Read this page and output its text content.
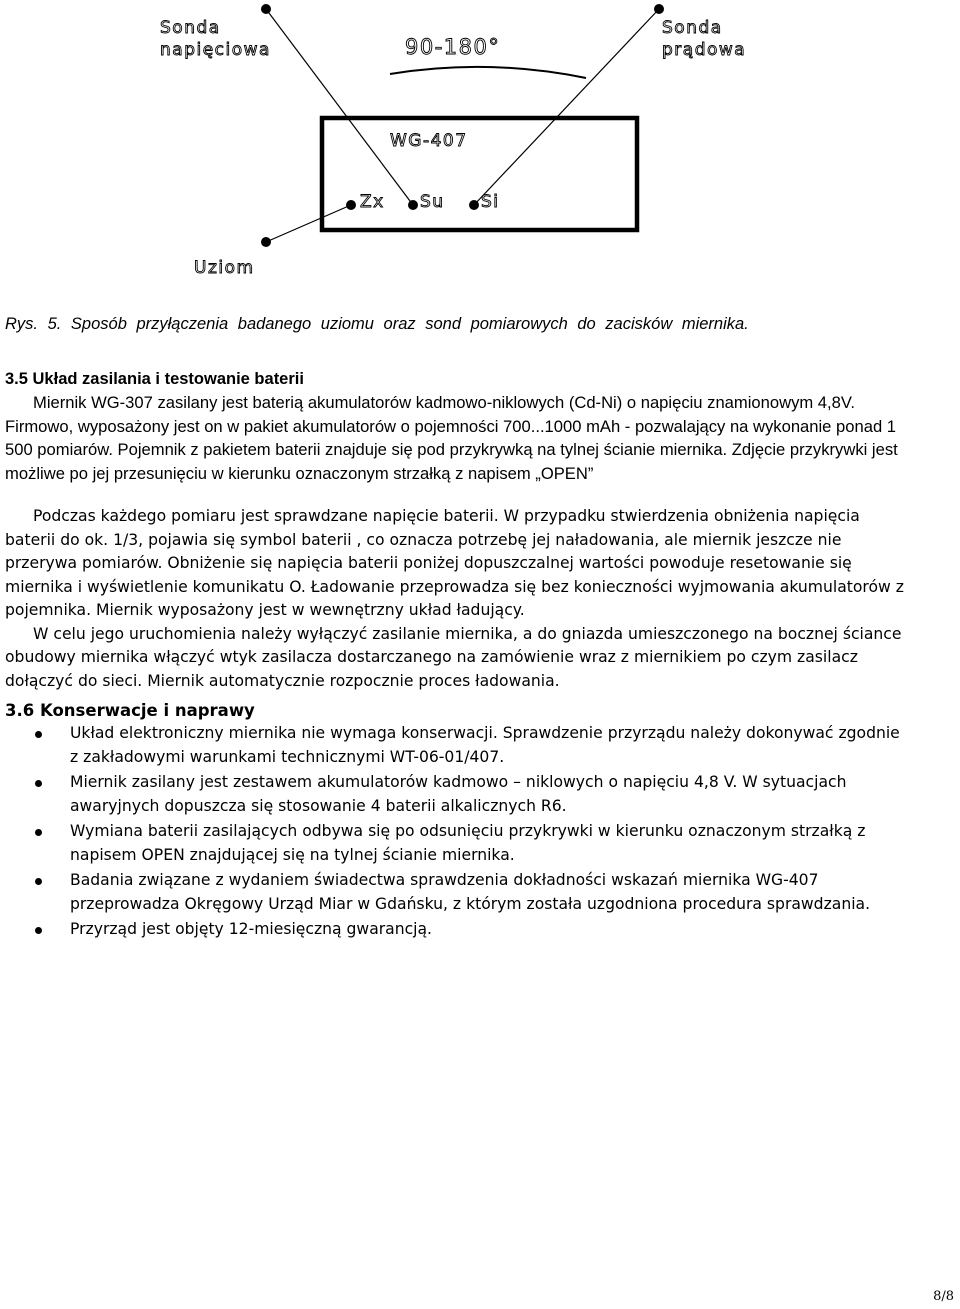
Sonda
napięciowa	90-180°
Sonda
prądowa
WG-407
Zx Su Si
Uziom

Rys. 5. Sposób przyłączenia badanego uziomu oraz sond pomiarowych do zacisków miernika.

3.5 Układ zasilania i testowanie baterii

Miernik WG-307 zasilany jest baterią akumulatorów kadmowo-niklowych (Cd-Ni) o napięciu znamionowym 4,8V. Firmowo, wyposażony jest on w pakiet akumulatorów o pojemności 700...1000 mAh - pozwalający na wykonanie ponad 1 500 pomiarów. Pojemnik z pakietem baterii znajduje się pod przykrywką na tylnej ścianie miernika. Zdjęcie przykrywki jest możliwe po jej przesunięciu w kierunku oznaczonym strzałką z napisem „OPEN”

Podczas każdego pomiaru jest sprawdzane napięcie baterii. W przypadku stwierdzenia obniżenia napięcia baterii do ok. 1/3, pojawia się symbol baterii , co oznacza potrzebę jej naładowania, ale miernik jeszcze nie przerywa pomiarów. Obniżenie się napięcia baterii poniżej dopuszczalnej wartości powoduje resetowanie się miernika i wyświetlenie komunikatu O. Ładowanie przeprowadza się bez konieczności wyjmowania akumulatorów z pojemnika. Miernik wyposażony jest w wewnętrzny układ ładujący.

W celu jego uruchomienia należy wyłączyć zasilanie miernika, a do gniazda umieszczonego na bocznej ściance obudowy miernika włączyć wtyk zasilacza dostarczanego na zamówienie wraz z miernikiem po czym zasilacz dołączyć do sieci. Miernik automatycznie rozpocznie proces ładowania.

3.6 Konserwacje i naprawy
Układ elektroniczny miernika nie wymaga konserwacji. Sprawdzenie przyrządu należy dokonywać zgodnie z zakładowymi warunkami technicznymi WT-06-01/407.
Miernik zasilany jest zestawem akumulatorów kadmowo – niklowych o napięciu 4,8 V. W sytuacjach awaryjnych dopuszcza się stosowanie 4 baterii alkalicznych R6.
Wymiana baterii zasilających odbywa się po odsunięciu przykrywki w kierunku oznaczonym strzałką z napisem OPEN znajdującej się na tylnej ścianie miernika.
Badania związane z wydaniem świadectwa sprawdzenia dokładności wskazań miernika WG-407 przeprowadza Okręgowy Urząd Miar w Gdańsku, z którym została uzgodniona procedura sprawdzania.
Przyrząd jest objęty 12-miesięczną gwarancją.

8/8
